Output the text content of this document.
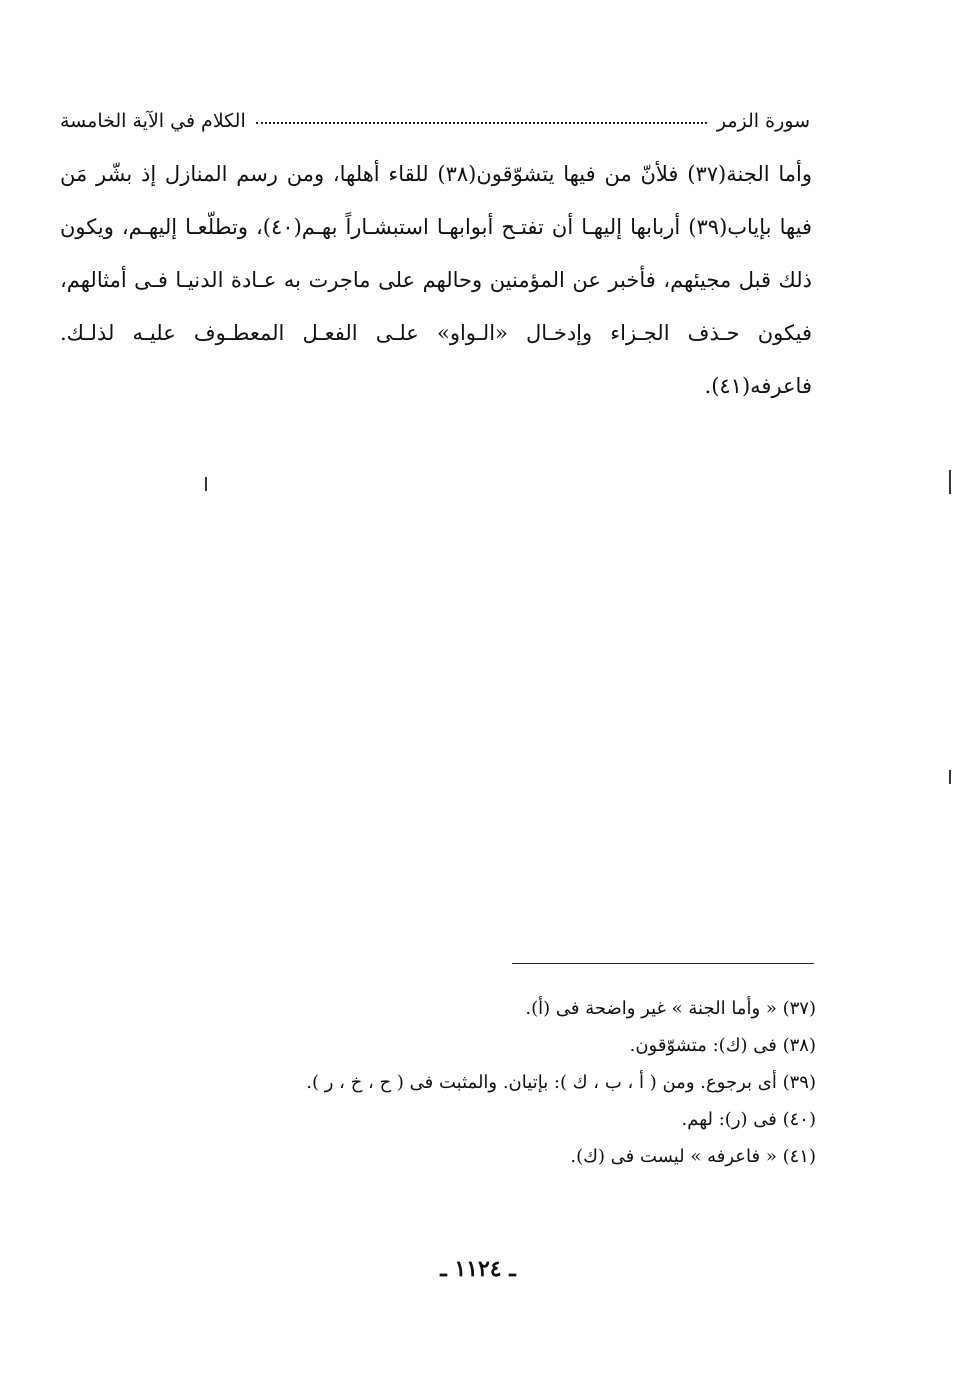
سورة الزمر
الكلام في الآية الخامسة

وأما الجنة(٣٧) فلأنّ من فيها يتشوّقون(٣٨) للقاء أهلها، ومن رسم المنازل إذ بشّر مَن فيها بإياب(٣٩) أربابها إليهـا أن تفتـح أبوابهـا استبشـاراً بهـم(٤٠)، وتطلّعـا إليهـم، ويكون ذلك قبل مجيئهم، فأخبر عن المؤمنين وحالهم على ماجرت به عـادة الدنيـا فـى أمثالهم، فيكون حـذف الجـزاء وإدخـال «الـواو» علـى الفعـل المعطـوف عليـه لذلـك. فاعرفه(٤١).

(٣٧) « وأما الجنة » غير واضحة فى (أ).
(٣٨) فى (ك): متشوّقون.
(٣٩) أى برجوع. ومن ( أ ، ب ، ك ): بإتيان. والمثبت فى ( ح ، خ ، ر ).
(٤٠) فى (ر): لهم.
(٤١) « فاعرفه » ليست فى (ك).
ـ ١١٢٤ ـ
